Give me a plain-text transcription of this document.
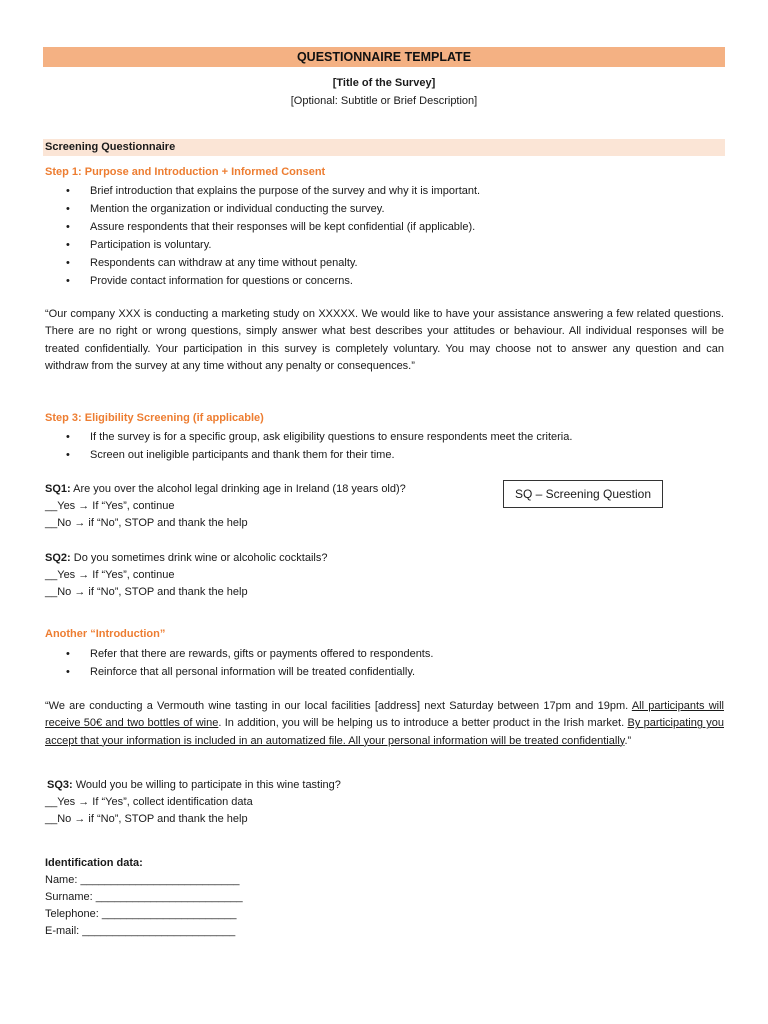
QUESTIONNAIRE TEMPLATE
[Title of the Survey]
[Optional: Subtitle or Brief Description]
Screening Questionnaire
Step 1: Purpose and Introduction + Informed Consent
• Brief introduction that explains the purpose of the survey and why it is important.
• Mention the organization or individual conducting the survey.
• Assure respondents that their responses will be kept confidential (if applicable).
• Participation is voluntary.
• Respondents can withdraw at any time without penalty.
• Provide contact information for questions or concerns.
“Our company XXX is conducting a marketing study on XXXXX. We would like to have your assistance answering a few related questions. There are no right or wrong questions, simply answer what best describes your attitudes or behaviour. All individual responses will be treated confidentially. Your participation in this survey is completely voluntary. You may choose not to answer any question and can withdraw from the survey at any time without any penalty or consequences.”
Step 3: Eligibility Screening (if applicable)
• If the survey is for a specific group, ask eligibility questions to ensure respondents meet the criteria.
• Screen out ineligible participants and thank them for their time.
SQ – Screening Question
SQ1: Are you over the alcohol legal drinking age in Ireland (18 years old)?
__Yes → If “Yes”, continue
__No → if “No”, STOP and thank the help
SQ2: Do you sometimes drink wine or alcoholic cocktails?
__Yes → If “Yes”, continue
__No → if “No”, STOP and thank the help
Another “Introduction”
• Refer that there are rewards, gifts or payments offered to respondents.
• Reinforce that all personal information will be treated confidentially.
“We are conducting a Vermouth wine tasting in our local facilities [address] next Saturday between 17pm and 19pm. All participants will receive 50€ and two bottles of wine. In addition, you will be helping us to introduce a better product in the Irish market. By participating you accept that your information is included in an automatized file. All your personal information will be treated confidentially.”
SQ3: Would you be willing to participate in this wine tasting?
__Yes → If “Yes”, collect identification data
__No → if “No”, STOP and thank the help
Identification data:
Name: __________________________
Surname: ________________________
Telephone: ______________________
E-mail: _________________________
